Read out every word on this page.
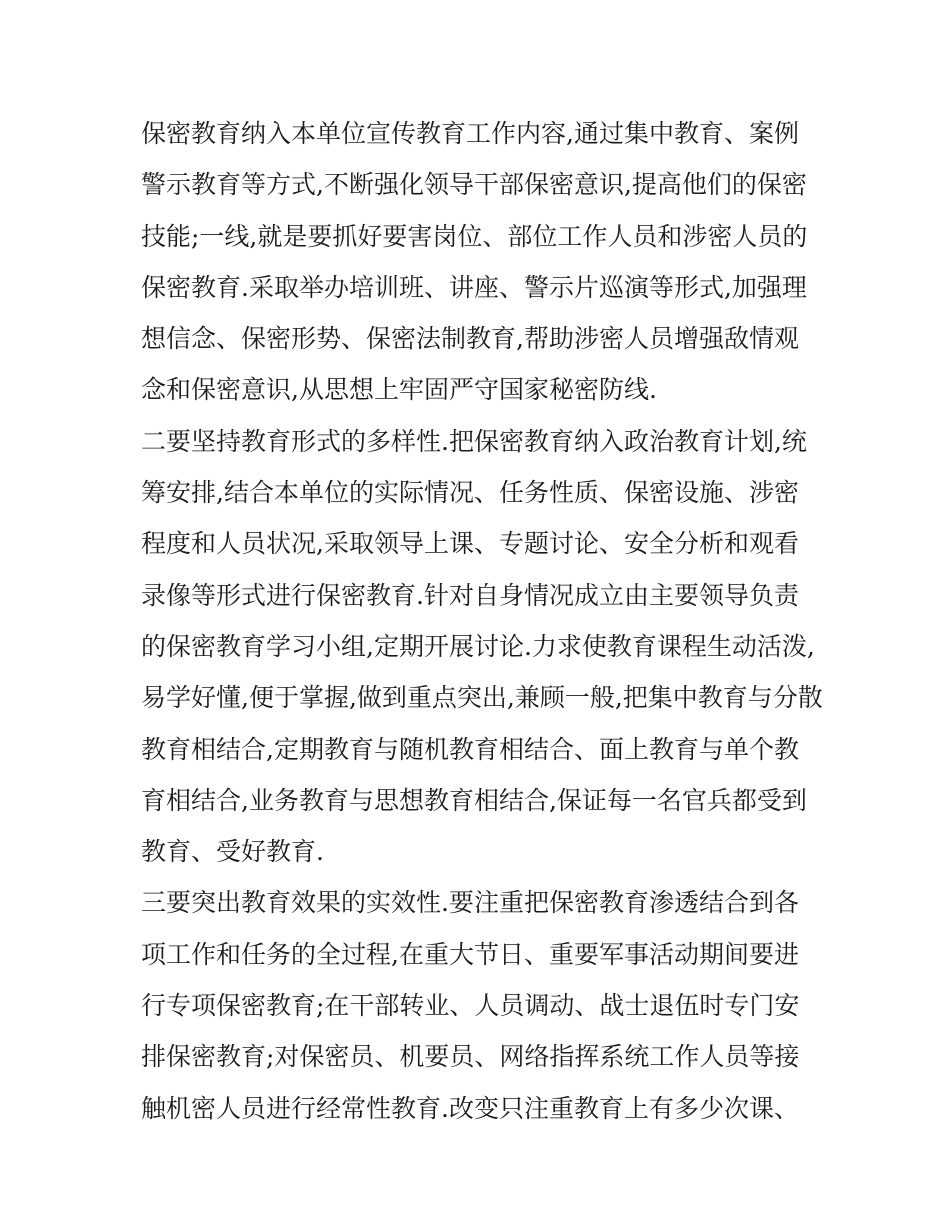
保密教育纳入本单位宣传教育工作内容,通过集中教育、案例
警示教育等方式,不断强化领导干部保密意识,提高他们的保密
技能;一线,就是要抓好要害岗位、部位工作人员和涉密人员的
保密教育.采取举办培训班、讲座、警示片巡演等形式,加强理
想信念、保密形势、保密法制教育,帮助涉密人员增强敌情观
念和保密意识,从思想上牢固严守国家秘密防线.
二要坚持教育形式的多样性.把保密教育纳入政治教育计划,统
筹安排,结合本单位的实际情况、任务性质、保密设施、涉密
程度和人员状况,采取领导上课、专题讨论、安全分析和观看
录像等形式进行保密教育.针对自身情况成立由主要领导负责
的保密教育学习小组,定期开展讨论.力求使教育课程生动活泼,
易学好懂,便于掌握,做到重点突出,兼顾一般,把集中教育与分散
教育相结合,定期教育与随机教育相结合、面上教育与单个教
育相结合,业务教育与思想教育相结合,保证每一名官兵都受到
教育、受好教育.
三要突出教育效果的实效性.要注重把保密教育渗透结合到各
项工作和任务的全过程,在重大节日、重要军事活动期间要进
行专项保密教育;在干部转业、人员调动、战士退伍时专门安
排保密教育;对保密员、机要员、网络指挥系统工作人员等接
触机密人员进行经常性教育.改变只注重教育上有多少次课、
